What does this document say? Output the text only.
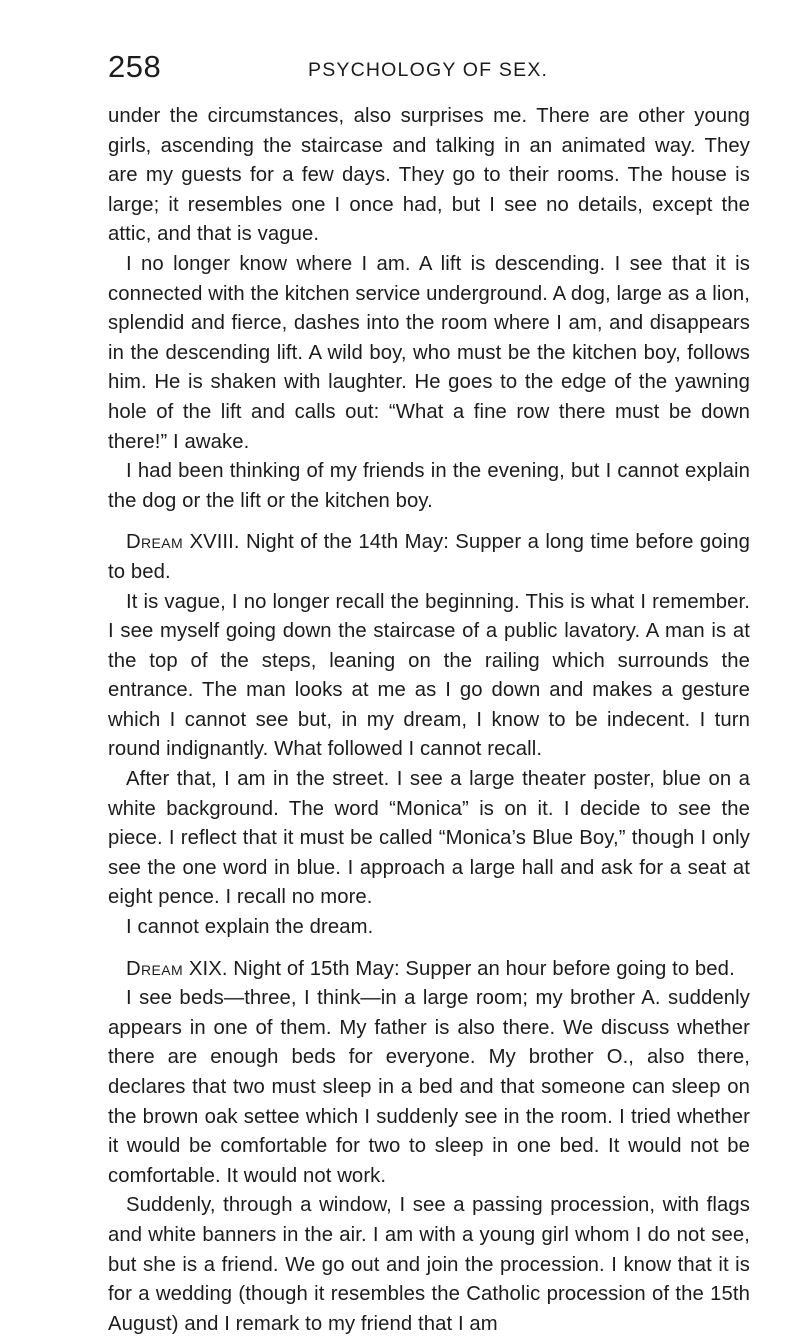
258	PSYCHOLOGY OF SEX.

under the circumstances, also surprises me. There are other young girls, ascending the staircase and talking in an animated way. They are my guests for a few days. They go to their rooms. The house is large; it resembles one I once had, but I see no details, except the attic, and that is vague.

I no longer know where I am. A lift is descending. I see that it is connected with the kitchen service underground. A dog, large as a lion, splendid and fierce, dashes into the room where I am, and disappears in the descending lift. A wild boy, who must be the kitchen boy, follows him. He is shaken with laughter. He goes to the edge of the yawning hole of the lift and calls out: “What a fine row there must be down there!” I awake.

I had been thinking of my friends in the evening, but I cannot explain the dog or the lift or the kitchen boy.

Dream XVIII. Night of the 14th May: Supper a long time before going to bed.

It is vague, I no longer recall the beginning. This is what I remember. I see myself going down the staircase of a public lavatory. A man is at the top of the steps, leaning on the railing which surrounds the entrance. The man looks at me as I go down and makes a gesture which I cannot see but, in my dream, I know to be indecent. I turn round indignantly. What followed I cannot recall.

After that, I am in the street. I see a large theater poster, blue on a white background. The word “Monica” is on it. I decide to see the piece. I reflect that it must be called “Monica’s Blue Boy,” though I only see the one word in blue. I approach a large hall and ask for a seat at eight pence. I recall no more.

I cannot explain the dream.

Dream XIX. Night of 15th May: Supper an hour before going to bed.

I see beds—three, I think—in a large room; my brother A. suddenly appears in one of them. My father is also there. We discuss whether there are enough beds for everyone. My brother O., also there, declares that two must sleep in a bed and that someone can sleep on the brown oak settee which I suddenly see in the room. I tried whether it would be comfortable for two to sleep in one bed. It would not be comfortable. It would not work.

Suddenly, through a window, I see a passing procession, with flags and white banners in the air. I am with a young girl whom I do not see, but she is a friend. We go out and join the procession. I know that it is for a wedding (though it resembles the Catholic procession of the 15th August) and I remark to my friend that I am
